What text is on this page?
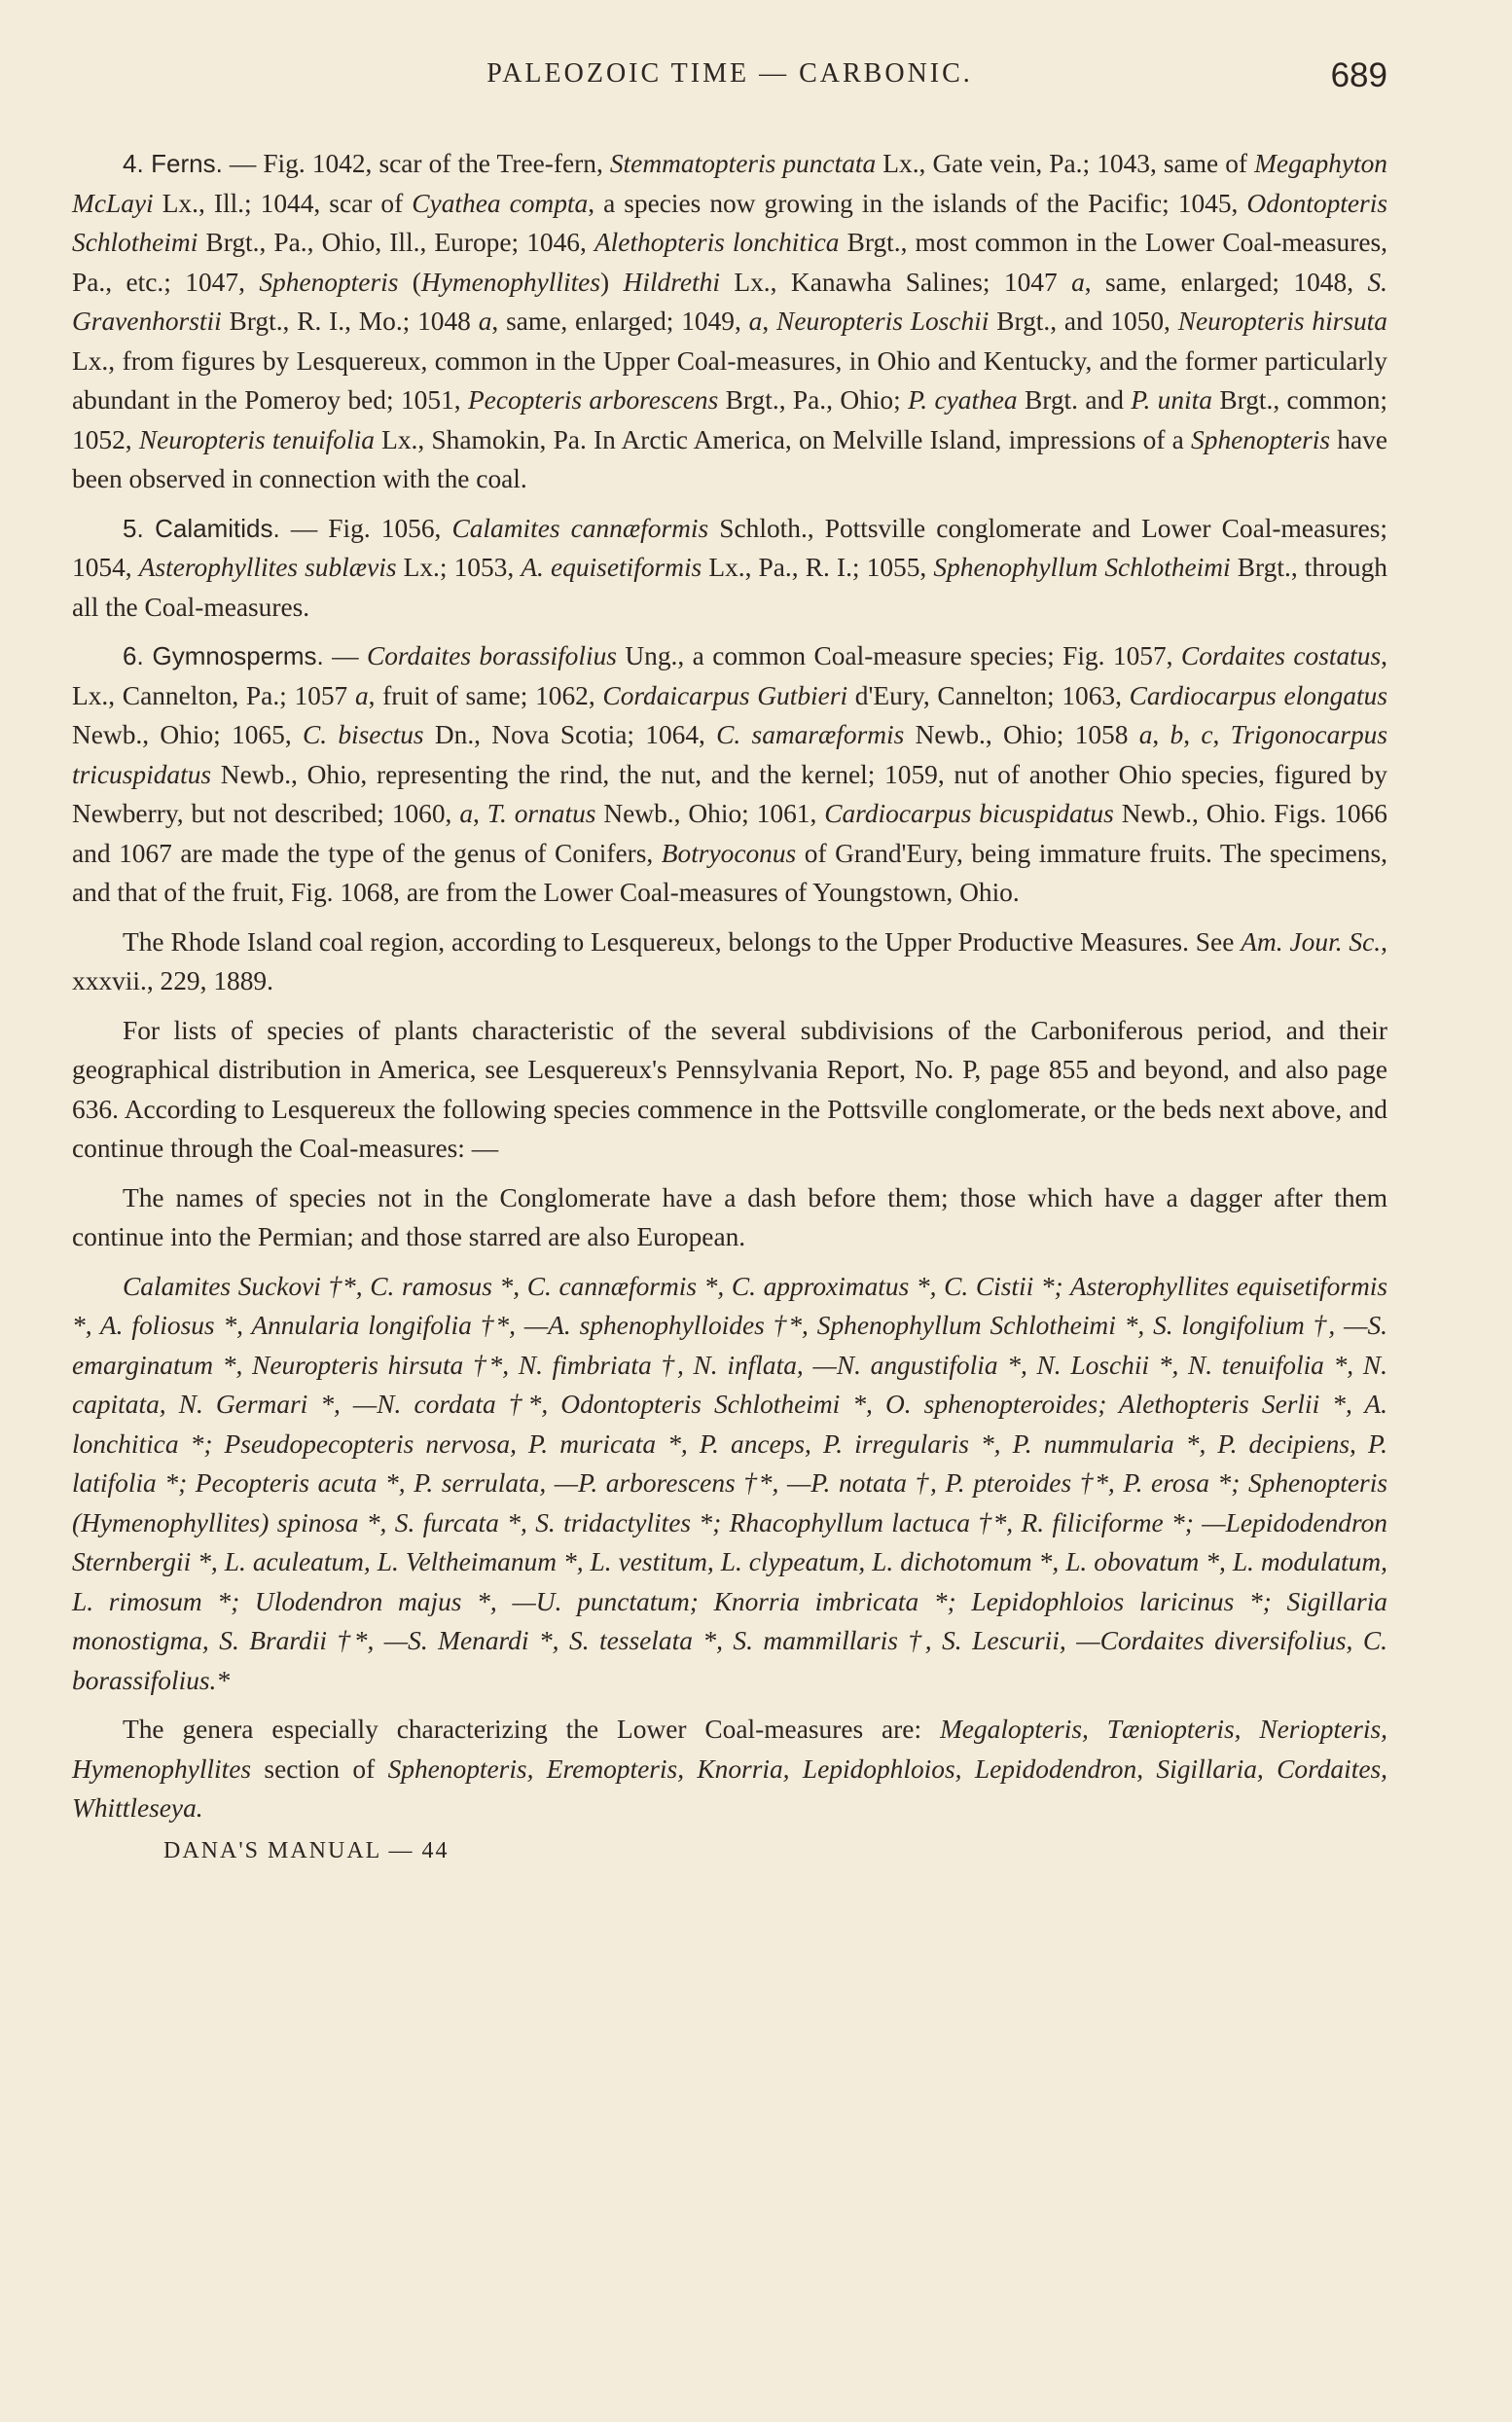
PALEOZOIC TIME — CARBONIC.	689

4. Ferns. — Fig. 1042, scar of the Tree-fern, Stemmatopteris punctata Lx., Gate vein, Pa.; 1043, same of Megaphyton McLayi Lx., Ill.; 1044, scar of Cyathea compta, a species now growing in the islands of the Pacific; 1045, Odontopteris Schlotheimi Brgt., Pa., Ohio, Ill., Europe; 1046, Alethopteris lonchitica Brgt., most common in the Lower Coal-measures, Pa., etc.; 1047, Sphenopteris (Hymenophyllites) Hildrethi Lx., Kanawha Salines; 1047 a, same, enlarged; 1048, S. Gravenhorstii Brgt., R. I., Mo.; 1048 a, same, enlarged; 1049, a, Neuropteris Loschii Brgt., and 1050, Neuropteris hirsuta Lx., from figures by Lesquereux, common in the Upper Coal-measures, in Ohio and Kentucky, and the former particularly abundant in the Pomeroy bed; 1051, Pecopteris arborescens Brgt., Pa., Ohio; P. cyathea Brgt. and P. unita Brgt., common; 1052, Neuropteris tenuifolia Lx., Shamokin, Pa. In Arctic America, on Melville Island, impressions of a Sphenopteris have been observed in connection with the coal.

5. Calamitids. — Fig. 1056, Calamites cannæformis Schloth., Pottsville conglomerate and Lower Coal-measures; 1054, Asterophyllites sublævis Lx.; 1053, A. equisetiformis Lx., Pa., R. I.; 1055, Sphenophyllum Schlotheimi Brgt., through all the Coal-measures.

6. Gymnosperms. — Cordaites borassifolius Ung., a common Coal-measure species; Fig. 1057, Cordaites costatus, Lx., Cannelton, Pa.; 1057 a, fruit of same; 1062, Cordaicarpus Gutbieri d'Eury, Cannelton; 1063, Cardiocarpus elongatus Newb., Ohio; 1065, C. bisectus Dn., Nova Scotia; 1064, C. samaræformis Newb., Ohio; 1058 a, b, c, Trigonocarpus tricuspidatus Newb., Ohio, representing the rind, the nut, and the kernel; 1059, nut of another Ohio species, figured by Newberry, but not described; 1060, a, T. ornatus Newb., Ohio; 1061, Cardiocarpus bicuspidatus Newb., Ohio. Figs. 1066 and 1067 are made the type of the genus of Conifers, Botryoconus of Grand'Eury, being immature fruits. The specimens, and that of the fruit, Fig. 1068, are from the Lower Coal-measures of Youngstown, Ohio.

The Rhode Island coal region, according to Lesquereux, belongs to the Upper Productive Measures. See Am. Jour. Sc., xxxvii., 229, 1889.

For lists of species of plants characteristic of the several subdivisions of the Carboniferous period, and their geographical distribution in America, see Lesquereux's Pennsylvania Report, No. P, page 855 and beyond, and also page 636. According to Lesquereux the following species commence in the Pottsville conglomerate, or the beds next above, and continue through the Coal-measures: —

The names of species not in the Conglomerate have a dash before them; those which have a dagger after them continue into the Permian; and those starred are also European.

Calamites Suckovi †*, C. ramosus *, C. cannæformis *, C. approximatus *, C. Cistii *; Asterophyllites equisetiformis *, A. foliosus *, Annularia longifolia †*, —A. sphenophylloides †*, Sphenophyllum Schlotheimi *, S. longifolium †, —S. emarginatum *, Neuropteris hirsuta †*, N. fimbriata †, N. inflata, —N. angustifolia *, N. Loschii *, N. tenuifolia *, N. capitata, N. Germari *, —N. cordata †*, Odontopteris Schlotheimi *, O. sphenopteroides; Alethopteris Serlii *, A. lonchitica *; Pseudopecopteris nervosa, P. muricata *, P. anceps, P. irregularis *, P. nummularia *, P. decipiens, P. latifolia *; Pecopteris acuta *, P. serrulata, —P. arborescens †*, —P. notata †, P. pteroides †*, P. erosa *; Sphenopteris (Hymenophyllites) spinosa *, S. furcata *, S. tridactylites *; Rhacophyllum lactuca †*, R. filiciforme *; —Lepidodendron Sternbergii *, L. aculeatum, L. Veltheimanum *, L. vestitum, L. clypeatum, L. dichotomum *, L. obovatum *, L. modulatum, L. rimosum *; Ulodendron majus *, —U. punctatum; Knorria imbricata *; Lepidophloios laricinus *; Sigillaria monostigma, S. Brardii †*, —S. Menardi *, S. tesselata *, S. mammillaris †, S. Lescurii, —Cordaites diversifolius, C. borassifolius.*

The genera especially characterizing the Lower Coal-measures are: Megalopteris, Tæniopteris, Neriopteris, Hymenophyllites section of Sphenopteris, Eremopteris, Knorria, Lepidophloios, Lepidodendron, Sigillaria, Cordaites, Whittleseya.

DANA'S MANUAL — 44
